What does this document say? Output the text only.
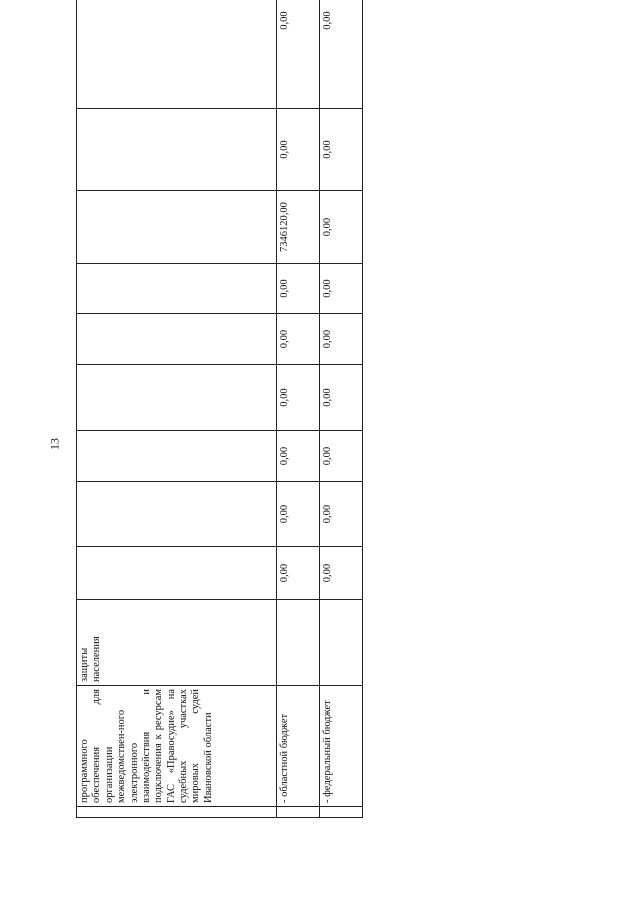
13
	программного обеспечения для организации межведомствен-ного электронного взаимодействия и подключения к ресурсам ГАС «Правосудие» на судебных участках мировых судей Ивановской области	защиты населения									
	- областной бюджет		0,00	0,00	0,00	0,00	0,00	0,00	7346120,00	0,00	0,00
	- федеральный бюджет		0,00	0,00	0,00	0,00	0,00	0,00	0,00	0,00	0,00
